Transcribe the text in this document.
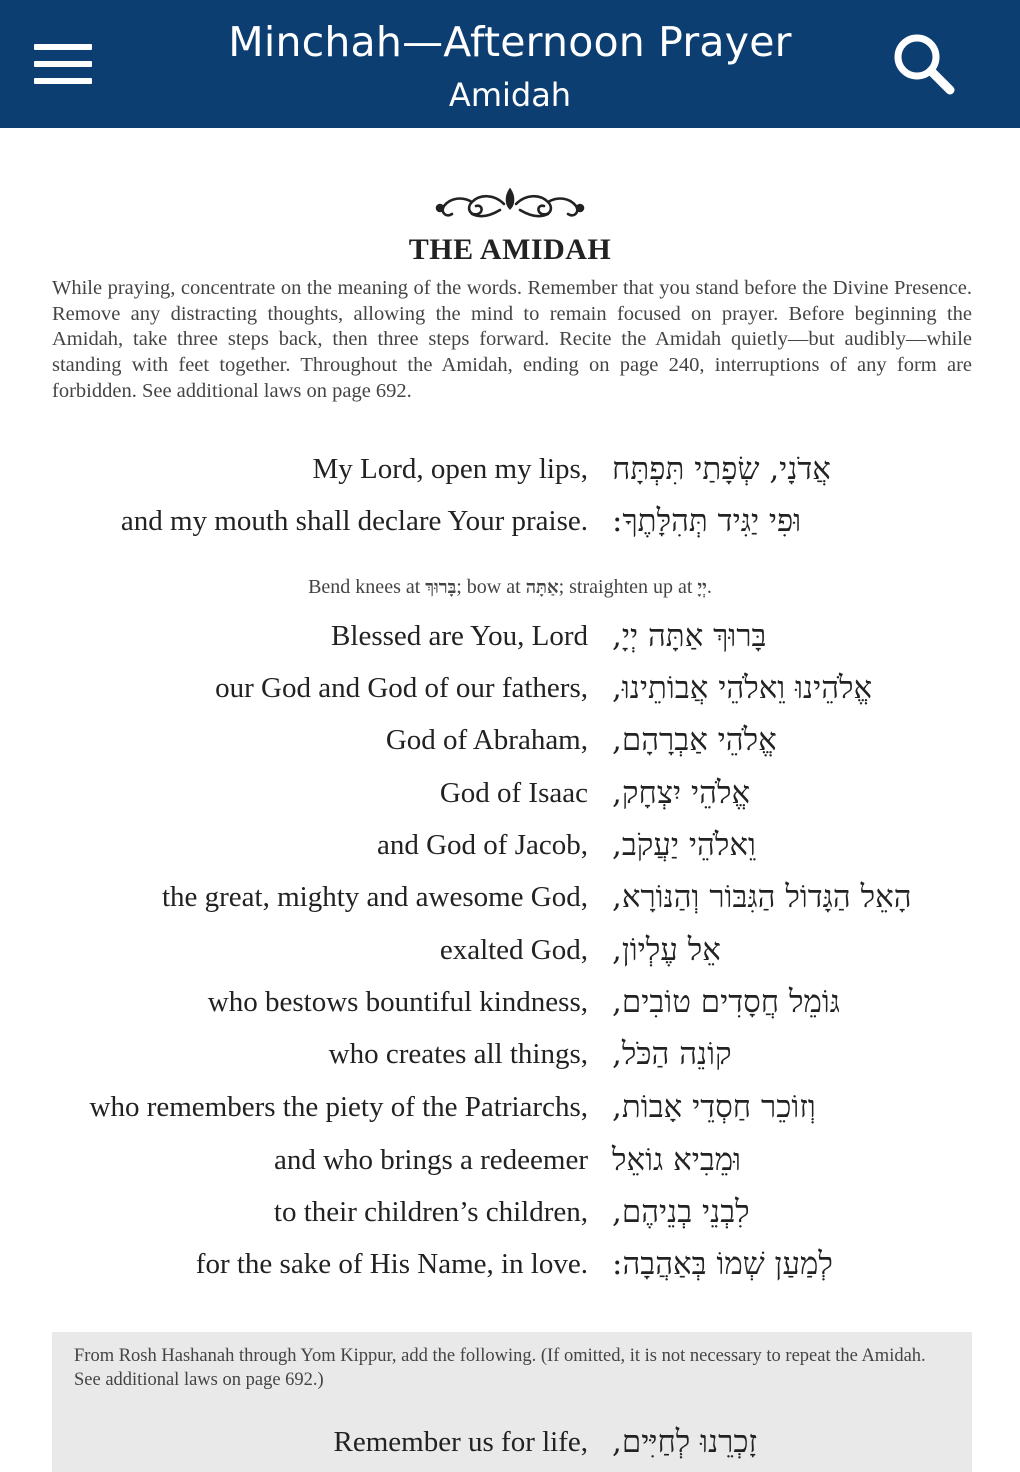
Minchah—Afternoon Prayer
Amidah
THE AMIDAH
While praying, concentrate on the meaning of the words. Remember that you stand before the Divine Presence. Remove any distracting thoughts, allowing the mind to remain focused on prayer. Before beginning the Amidah, take three steps back, then three steps forward. Recite the Amidah quietly—but audibly—while standing with feet together. Throughout the Amidah, ending on page 240, interruptions of any form are forbidden. See additional laws on page 692.
My Lord, open my lips, אֲדֹנָי, שְׂפָתַי תִּפְתָּח
and my mouth shall declare Your praise. וּפִי יַגִּיד תְּהִלָּתֶךָ:
Bend knees at בָּרוּךְ; bow at אַתָּה; straighten up at יְיָ.
Blessed are You, Lord בָּרוּךְ אַתָּה יְיָ,
our God and God of our fathers, אֱלֹהֵינוּ וֵאלֹהֵי אֲבוֹתֵינוּ,
God of Abraham, אֱלֹהֵי אַבְרָהָם,
God of Isaac אֱלֹהֵי יִצְחָק,
and God of Jacob, וֵאלֹהֵי יַעֲקֹב,
the great, mighty and awesome God, הָאֵל הַגָּדוֹל הַגִּבּוֹר וְהַנּוֹרָא,
exalted God, אֵל עֶלְיוֹן,
who bestows bountiful kindness, גּוֹמֵל חֲסָדִים טוֹבִים,
who creates all things, קוֹנֵה הַכֹּל,
who remembers the piety of the Patriarchs, וְזוֹכֵר חַסְדֵי אָבוֹת,
and who brings a redeemer וּמֵבִיא גוֹאֵל
to their children’s children, לִבְנֵי בְנֵיהֶם,
for the sake of His Name, in love. לְמַעַן שְׁמוֹ בְּאַהֲבָה:
From Rosh Hashanah through Yom Kippur, add the following. (If omitted, it is not necessary to repeat the Amidah. See additional laws on page 692.)
Remember us for life, זָכְרֵנוּ לְחַיִּים,
